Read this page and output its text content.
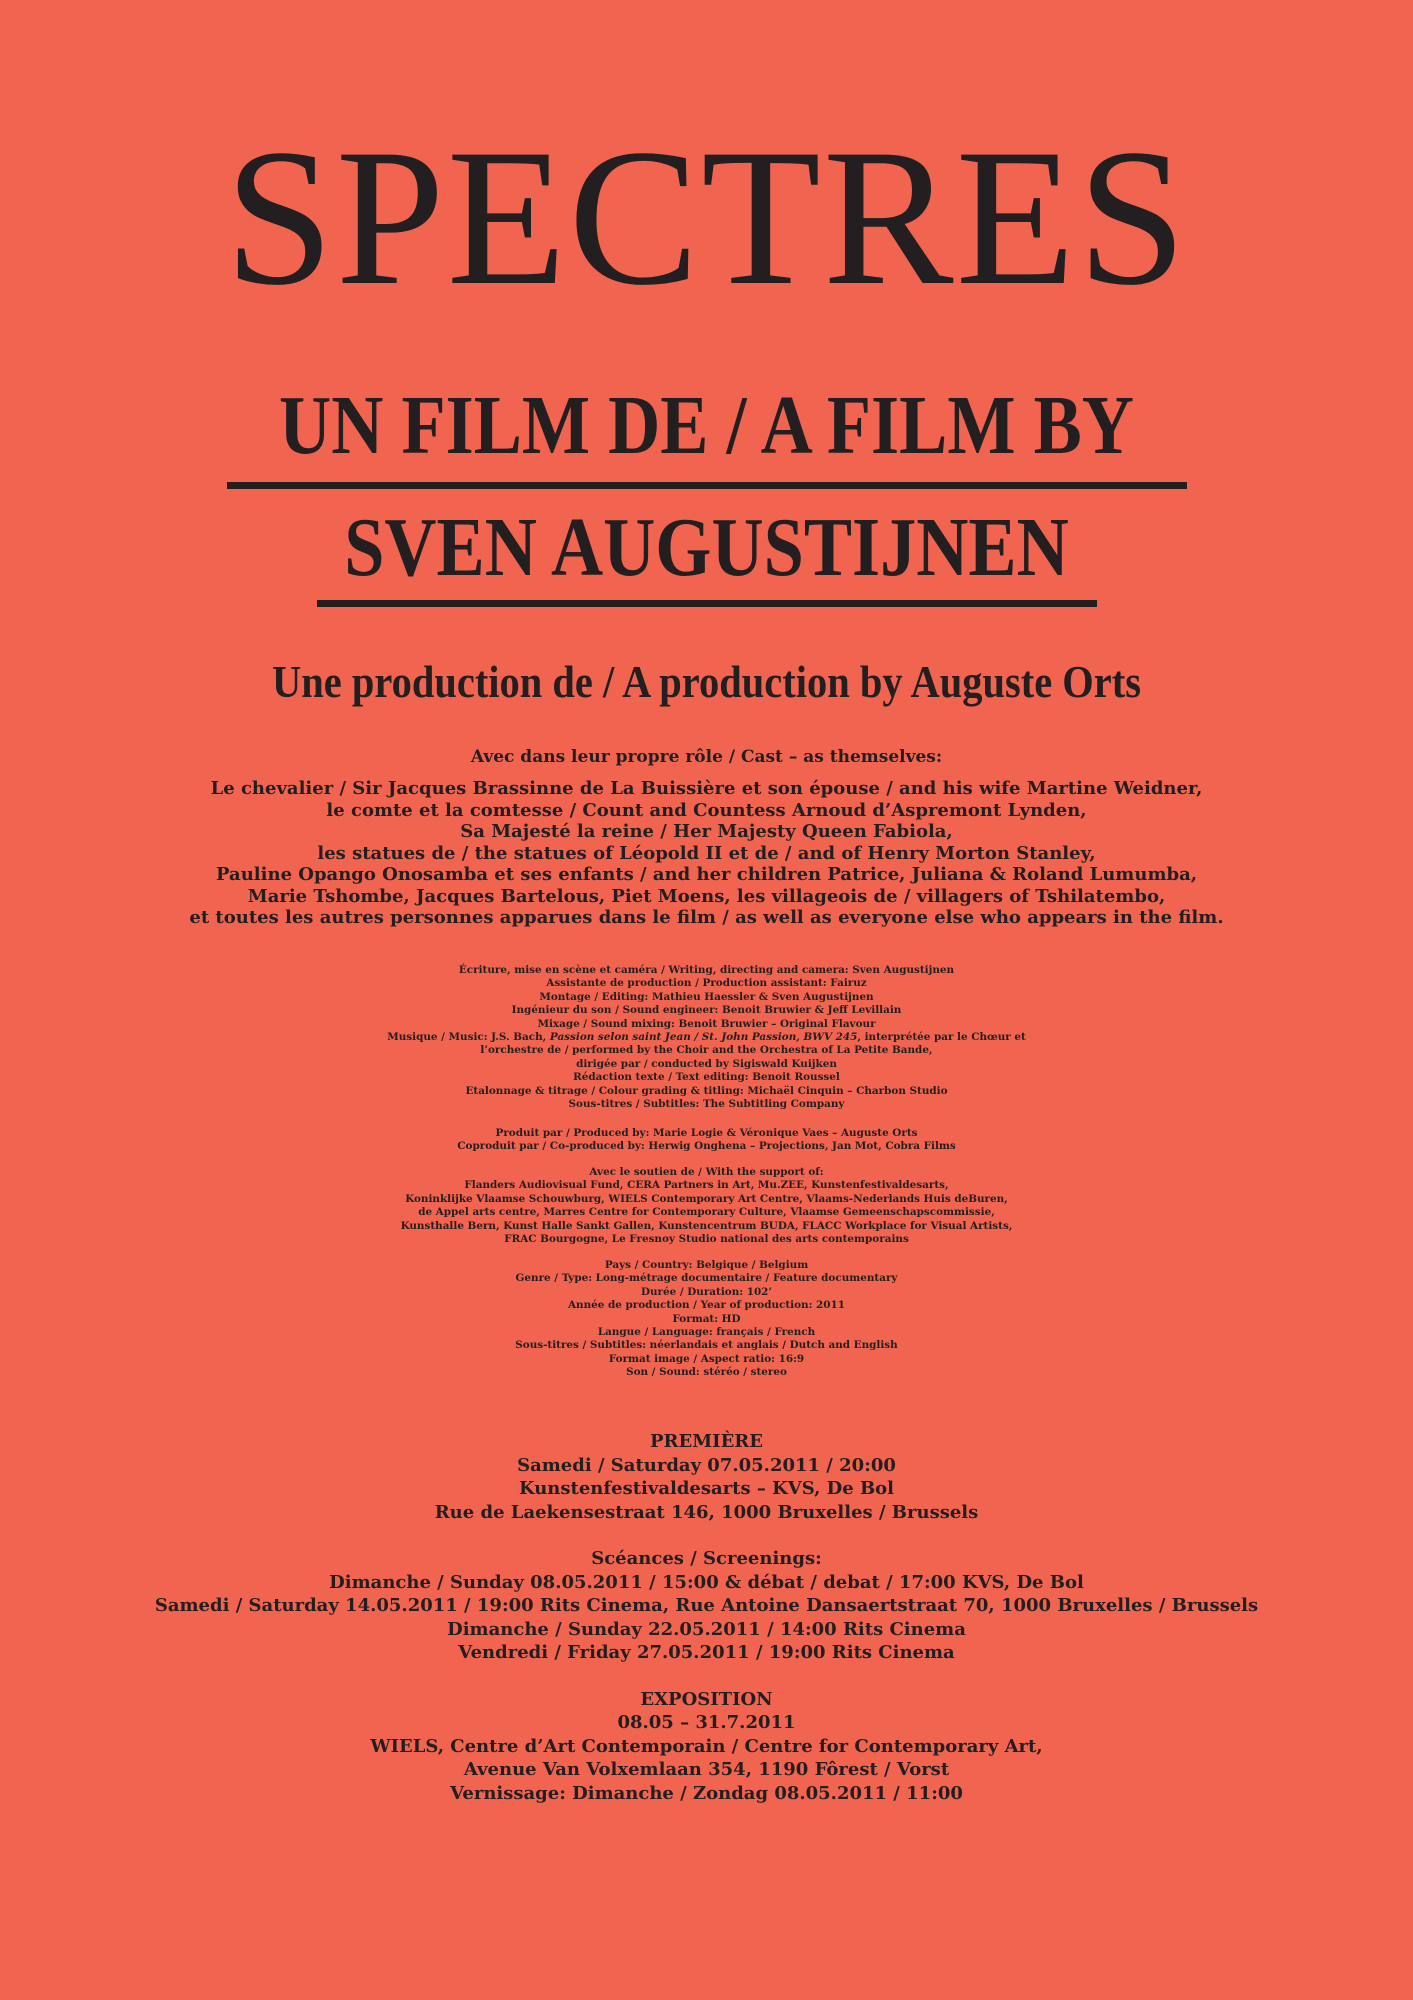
SPECTRES
UN FILM DE / A FILM BY
SVEN AUGUSTIJNEN
Une production de / A production by Auguste Orts
Avec dans leur propre rôle / Cast – as themselves:
Le chevalier / Sir Jacques Brassinne de La Buissière et son épouse / and his wife Martine Weidner,
le comte et la comtesse / Count and Countess Arnoud d’Aspremont Lynden,
Sa Majesté la reine / Her Majesty Queen Fabiola,
les statues de / the statues of Léopold II et de / and of Henry Morton Stanley,
Pauline Opango Onosamba et ses enfants / and her children Patrice, Juliana & Roland Lumumba,
Marie Tshombe, Jacques Bartelous, Piet Moens, les villageois de / villagers of Tshilatembo,
et toutes les autres personnes apparues dans le film / as well as everyone else who appears in the film.
Écriture, mise en scène et caméra / Writing, directing and camera: Sven Augustijnen
Assistante de production / Production assistant: Fairuz
Montage / Editing: Mathieu Haessler & Sven Augustijnen
Ingénieur du son / Sound engineer: Benoit Bruwier & Jeff Levillain
Mixage / Sound mixing: Benoit Bruwier – Original Flavour
Musique / Music: J.S. Bach, Passion selon saint Jean / St. John Passion, BWV 245, interprétée par le Chœur et
l’orchestre de / performed by the Choir and the Orchestra of La Petite Bande,
dirigée par / conducted by Sigiswald Kuijken
Rédaction texte / Text editing: Benoit Roussel
Etalonnage & titrage / Colour grading & titling: Michaël Cinquin – Charbon Studio
Sous-titres / Subtitles: The Subtitling Company
Produit par / Produced by: Marie Logie & Véronique Vaes – Auguste Orts
Coproduit par / Co-produced by: Herwig Onghena – Projections, Jan Mot, Cobra Films
Avec le soutien de / With the support of:
Flanders Audiovisual Fund, CERA Partners in Art, Mu.ZEE, Kunstenfestivaldesarts,
Koninklijke Vlaamse Schouwburg, WIELS Contemporary Art Centre, Vlaams-Nederlands Huis deBuren,
de Appel arts centre, Marres Centre for Contemporary Culture, Vlaamse Gemeenschapscommissie,
Kunsthalle Bern, Kunst Halle Sankt Gallen, Kunstencentrum BUDA, FLACC Workplace for Visual Artists,
FRAC Bourgogne, Le Fresnoy Studio national des arts contemporains
Pays / Country: Belgique / Belgium
Genre / Type: Long-métrage documentaire / Feature documentary
Durée / Duration: 102’
Année de production / Year of production: 2011
Format: HD
Langue / Language: français / French
Sous-titres / Subtitles: néerlandais et anglais / Dutch and English
Format image / Aspect ratio: 16:9
Son / Sound: stéréo / stereo
PREMIÈRE
Samedi / Saturday 07.05.2011 / 20:00
Kunstenfestivaldesarts – KVS, De Bol
Rue de Laekensestraat 146, 1000 Bruxelles / Brussels
Scéances / Screenings:
Dimanche / Sunday 08.05.2011 / 15:00 & débat / debat / 17:00 KVS, De Bol
Samedi / Saturday 14.05.2011 / 19:00 Rits Cinema, Rue Antoine Dansaertstraat 70, 1000 Bruxelles / Brussels
Dimanche / Sunday 22.05.2011 / 14:00 Rits Cinema
Vendredi / Friday 27.05.2011 / 19:00 Rits Cinema
EXPOSITION
08.05 – 31.7.2011
WIELS, Centre d’Art Contemporain / Centre for Contemporary Art,
Avenue Van Volxemlaan 354, 1190 Fôrest / Vorst
Vernissage: Dimanche / Zondag 08.05.2011 / 11:00
